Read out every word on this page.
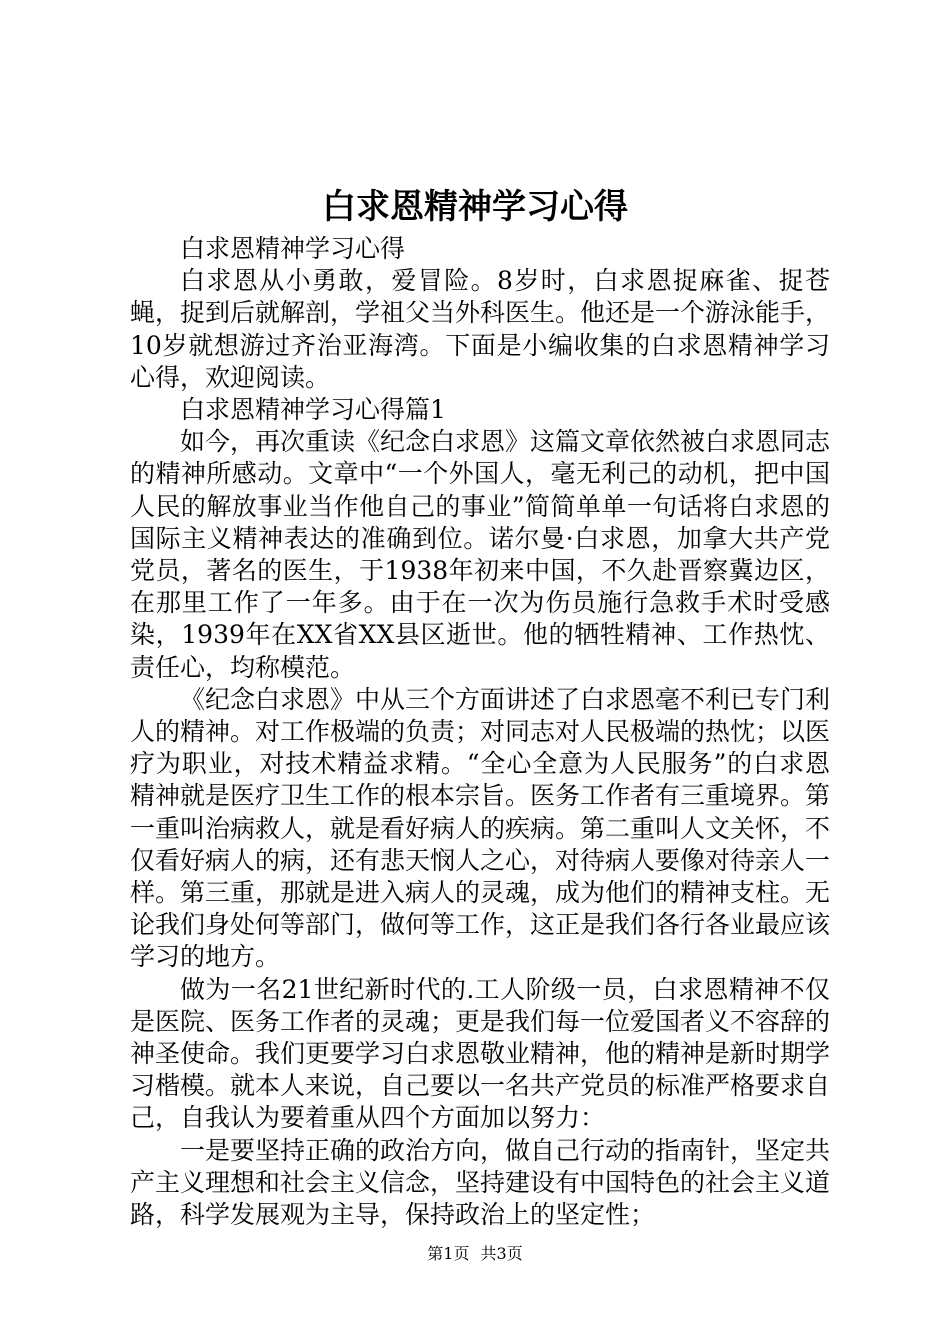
白求恩精神学习心得

白求恩精神学习心得

白求恩从小勇敢，爱冒险。8岁时，白求恩捉麻雀、捉苍蝇，捉到后就解剖，学祖父当外科医生。他还是一个游泳能手，10岁就想游过齐治亚海湾。下面是小编收集的白求恩精神学习心得，欢迎阅读。

白求恩精神学习心得篇1

如今，再次重读《纪念白求恩》这篇文章依然被白求恩同志的精神所感动。文章中“一个外国人，毫无利己的动机，把中国人民的解放事业当作他自己的事业”简简单单一句话将白求恩的国际主义精神表达的准确到位。诺尔曼·白求恩，加拿大共产党党员，著名的医生，于1938年初来中国，不久赴晋察冀边区，在那里工作了一年多。由于在一次为伤员施行急救手术时受感染，1939年在XX省XX县区逝世。他的牺牲精神、工作热忱、责任心，均称模范。

《纪念白求恩》中从三个方面讲述了白求恩毫不利已专门利人的精神。对工作极端的负责；对同志对人民极端的热忱；以医疗为职业，对技术精益求精。“全心全意为人民服务”的白求恩精神就是医疗卫生工作的根本宗旨。医务工作者有三重境界。第一重叫治病救人，就是看好病人的疾病。第二重叫人文关怀，不仅看好病人的病，还有悲天悯人之心，对待病人要像对待亲人一样。第三重，那就是进入病人的灵魂，成为他们的精神支柱。无论我们身处何等部门，做何等工作，这正是我们各行各业最应该学习的地方。

做为一名21世纪新时代的.工人阶级一员，白求恩精神不仅是医院、医务工作者的灵魂；更是我们每一位爱国者义不容辞的神圣使命。我们更要学习白求恩敬业精神，他的精神是新时期学习楷模。就本人来说，自己要以一名共产党员的标准严格要求自己，自我认为要着重从四个方面加以努力：

一是要坚持正确的政治方向，做自己行动的指南针，坚定共产主义理想和社会主义信念，坚持建设有中国特色的社会主义道路，科学发展观为主导，保持政治上的坚定性；

第1页 共3页
